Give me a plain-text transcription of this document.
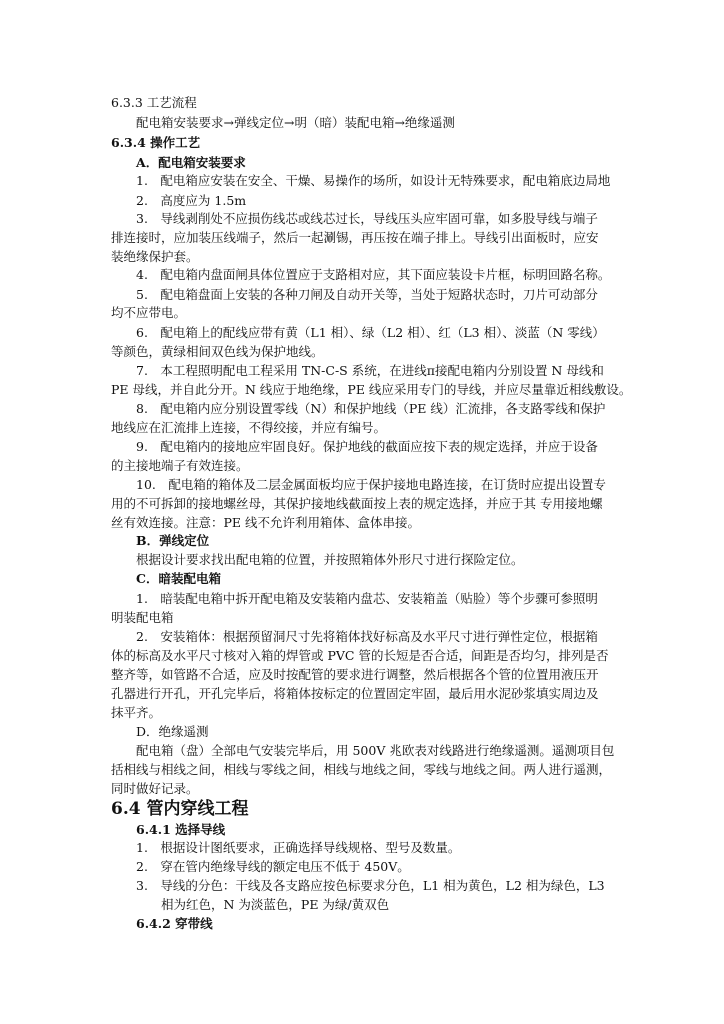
6.3.3 工艺流程
配电箱安装要求→弹线定位→明（暗）装配电箱→绝缘遥测
6.3.4 操作工艺
A．配电箱安装要求
1.　配电箱应安装在安全、干燥、易操作的场所，如设计无特殊要求，配电箱底边局地
2.　高度应为 1.5m
3.　导线剥削处不应损伤线芯或线芯过长，导线压头应牢固可靠，如多股导线与端子
排连接时，应加装压线端子，然后一起涮锡，再压按在端子排上。导线引出面板时，应安
装绝缘保护套。
4.　配电箱内盘面闸具体位置应于支路相对应，其下面应装设卡片框，标明回路名称。
5.　配电箱盘面上安装的各种刀闸及自动开关等，当处于短路状态时，刀片可动部分
均不应带电。
6.　配电箱上的配线应带有黄（L1 相）、绿（L2 相）、红（L3 相）、淡蓝（N 零线）
等颜色，黄绿相间双色线为保护地线。
7.　本工程照明配电工程采用 TN-C-S 系统，在进线π接配电箱内分别设置 N 母线和
PE 母线，并自此分开。N 线应于地绝缘，PE 线应采用专门的导线，并应尽量靠近相线敷设。
8.　配电箱内应分别设置零线（N）和保护地线（PE 线）汇流排，各支路零线和保护
地线应在汇流排上连接，不得绞接，并应有编号。
9.　配电箱内的接地应牢固良好。保护地线的截面应按下表的规定选择，并应于设备
的主接地端子有效连接。
10.　配电箱的箱体及二层金属面板均应于保护接地电路连接，在订货时应提出设置专
用的不可拆卸的接地螺丝母，其保护接地线截面按上表的规定选择，并应于其 专用接地螺
丝有效连接。注意：PE 线不允许利用箱体、盒体串接。
B．弹线定位
根据设计要求找出配电箱的位置，并按照箱体外形尺寸进行探险定位。
C．暗装配电箱
1.　暗装配电箱中拆开配电箱及安装箱内盘芯、安装箱盖（贴脸）等个步骤可参照明
明装配电箱
2.　安装箱体：根据预留洞尺寸先将箱体找好标高及水平尺寸进行弹性定位，根据箱
体的标高及水平尺寸核对入箱的焊管或 PVC 管的长短是否合适，间距是否均匀，排列是否
整齐等，如管路不合适，应及时按配管的要求进行调整，然后根据各个管的位置用液压开
孔器进行开孔，开孔完毕后，将箱体按标定的位置固定牢固，最后用水泥砂浆填实周边及
抹平齐。
D．绝缘遥测
配电箱（盘）全部电气安装完毕后，用 500V 兆欧表对线路进行绝缘遥测。遥测项目包
括相线与相线之间，相线与零线之间，相线与地线之间，零线与地线之间。两人进行遥测，
同时做好记录。
6.4 管内穿线工程
6.4.1 选择导线
1.　根据设计图纸要求，正确选择导线规格、型号及数量。
2.　穿在管内绝缘导线的额定电压不低于 450V。
3.　导线的分色：干线及各支路应按色标要求分色，L1 相为黄色，L2 相为绿色，L3
相为红色，N 为淡蓝色，PE 为绿/黄双色
6.4.2 穿带线
